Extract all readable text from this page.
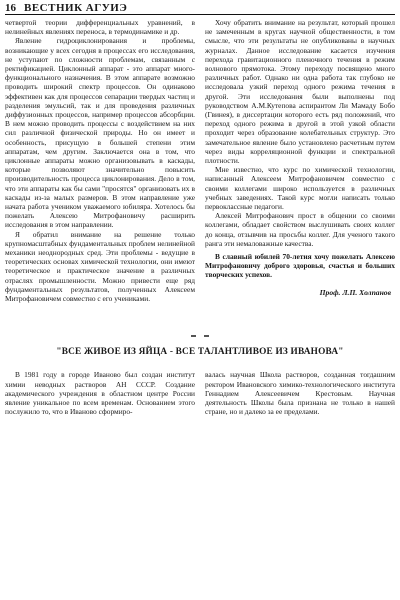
16 ВЕСТНИК АГУИЭ

четвертой теории дифференциальных уравнений, в нелинейных явлениях переноса, в термодинамике и др.

Явление гидроциклонирования и проблемы, возникающие у всех сегодня в процессах его исследования, не уступают по сложности проблемам, связанным с ректификацией. Циклонный аппарат - это аппарат много-функционального назначения. В этом аппарате возможно проводить широкий спектр процессов. Он одинаково эффективен как для процессов сепарации твердых частиц и разделения эмульсий, так и для проведения различных диффузионных процессов, например процессов абсорбции. В нем можно проводить процессы с воздействием на них сил различной физической природы. Но он имеет и особенность, присущую в большей степени этим аппаратам, чем другим. Заключается она в том, что циклонные аппараты можно организовывать в каскады, которые позволяют значительно повысить производительность процесса циклонирования. Дело в том, что эти аппараты как бы сами "просятся" организовать их в каскады из-за малых размеров. В этом направление уже начата работа учеником уважаемого юбиляра. Хотелось бы пожелать Алексею Митрофановичу расширить исследования в этом направлении.

Я обратил внимание на решение только крупномасштабных фундаментальных проблем нелинейной механики неоднородных сред. Эти проблемы - ведущие в теоретических основах химической технологии, они имеют теоретическое и практическое значение в различных отраслях промышленности. Можно привести еще ряд фундаментальных результатов, полученных Алексеем Митрофановичем совместно с его учениками.

Хочу обратить внимание на результат, который прошел не замеченным в кругах научной общественности, в том смысле, что эти результаты не опубликованы в научных журналах. Данное исследование касается изучения перехода гравитационного пленочного течения в режим волнового прямотока. Этому переходу посвящено много различных работ. Однако ни одна работа так глубоко не исследовала узкий переход одного режима течения в другой. Эти исследования были выполнены под руководством А.М.Кутепова аспирантом Ли Мамаду Бобо (Гвинея), в диссертации которого есть ряд положений, что переход одного режима в другой в этой узкой области проходит через образование колебательных структур. Это замечательное явление было установлено расчетным путем через виды корреляционной функции и спектральной плотности.

Мне известно, что курс по химической технологии, написанный Алексеем Митрофановичем совместно с своими коллегами широко используется в различных учебных заведениях. Такой курс могли написать только первоклассные педагоги.

Алексей Митрофанович прост в общении со своими коллегами, обладает свойством выслушивать своих коллег до конца, отзывчив на просьбы коллег. Для ученого такого ранга эти немаловажные качества.

В славный юбилей 70-летия хочу пожелать Алексею Митрофановичу доброго здоровья, счастья и больших творческих успехов.

Проф. Л.П. Холпанов
"ВСЕ ЖИВОЕ ИЗ ЯЙЦА - ВСЕ ТАЛАНТЛИВОЕ ИЗ ИВАНОВА"

В 1981 году в городе Иваново был создан институт химии неводных растворов АН СССР. Создание академического учреждения в областном центре России явление уникальное по всем временам. Основанием этого послужило то, что в Иваново сформиро-

валась научная Школа растворов, созданная тогдашним ректором Ивановского химико-технологического института Геннадием Алексеевичем Крестовым. Научная деятельность Школы была признана не только в нашей стране, но и далеко за ее пределами.
